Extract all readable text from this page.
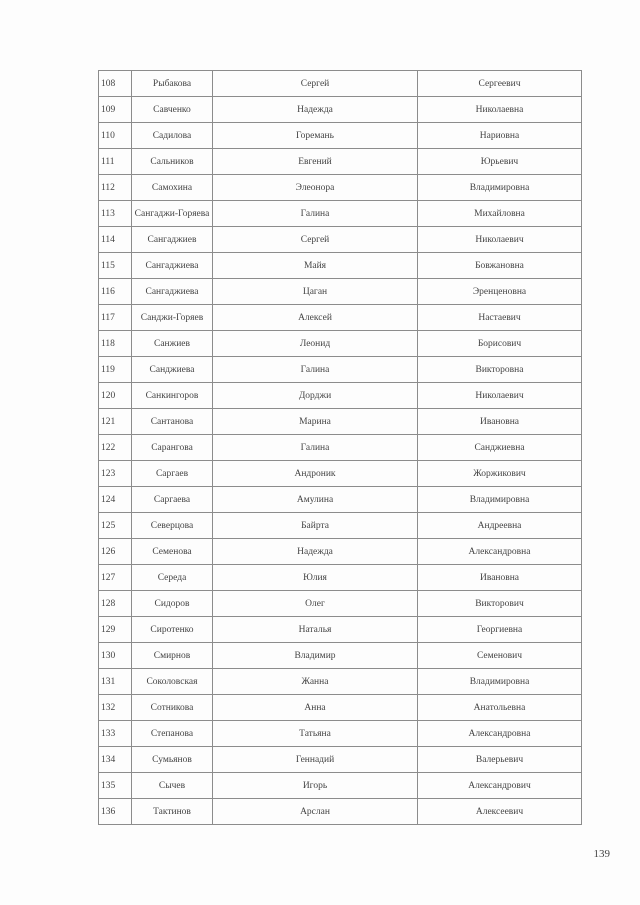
108	Рыбакова	Сергей	Сергеевич
109	Савченко	Надежда	Николаевна
110	Садилова	Горемань	Нариовна
111	Сальников	Евгений	Юрьевич
112	Самохина	Элеонора	Владимировна
113	Сангаджи-Горяева	Галина	Михайловна
114	Сангаджиев	Сергей	Николаевич
115	Сангаджиева	Майя	Бовжановна
116	Сангаджиева	Цаган	Эренценовна
117	Санджи-Горяев	Алексей	Настаевич
118	Санжиев	Леонид	Борисович
119	Санджиева	Галина	Викторовна
120	Санкингоров	Дорджи	Николаевич
121	Сантанова	Марина	Ивановна
122	Сарангова	Галина	Санджиевна
123	Саргаев	Андроник	Жоржикович
124	Саргаева	Амулина	Владимировна
125	Северцова	Байрта	Андреевна
126	Семенова	Надежда	Александровна
127	Середа	Юлия	Ивановна
128	Сидоров	Олег	Викторович
129	Сиротенко	Наталья	Георгиевна
130	Смирнов	Владимир	Семенович
131	Соколовская	Жанна	Владимировна
132	Сотникова	Анна	Анатольевна
133	Степанова	Татьяна	Александровна
134	Сумьянов	Геннадий	Валерьевич
135	Сычев	Игорь	Александрович
136	Тактинов	Арслан	Алексеевич
139
